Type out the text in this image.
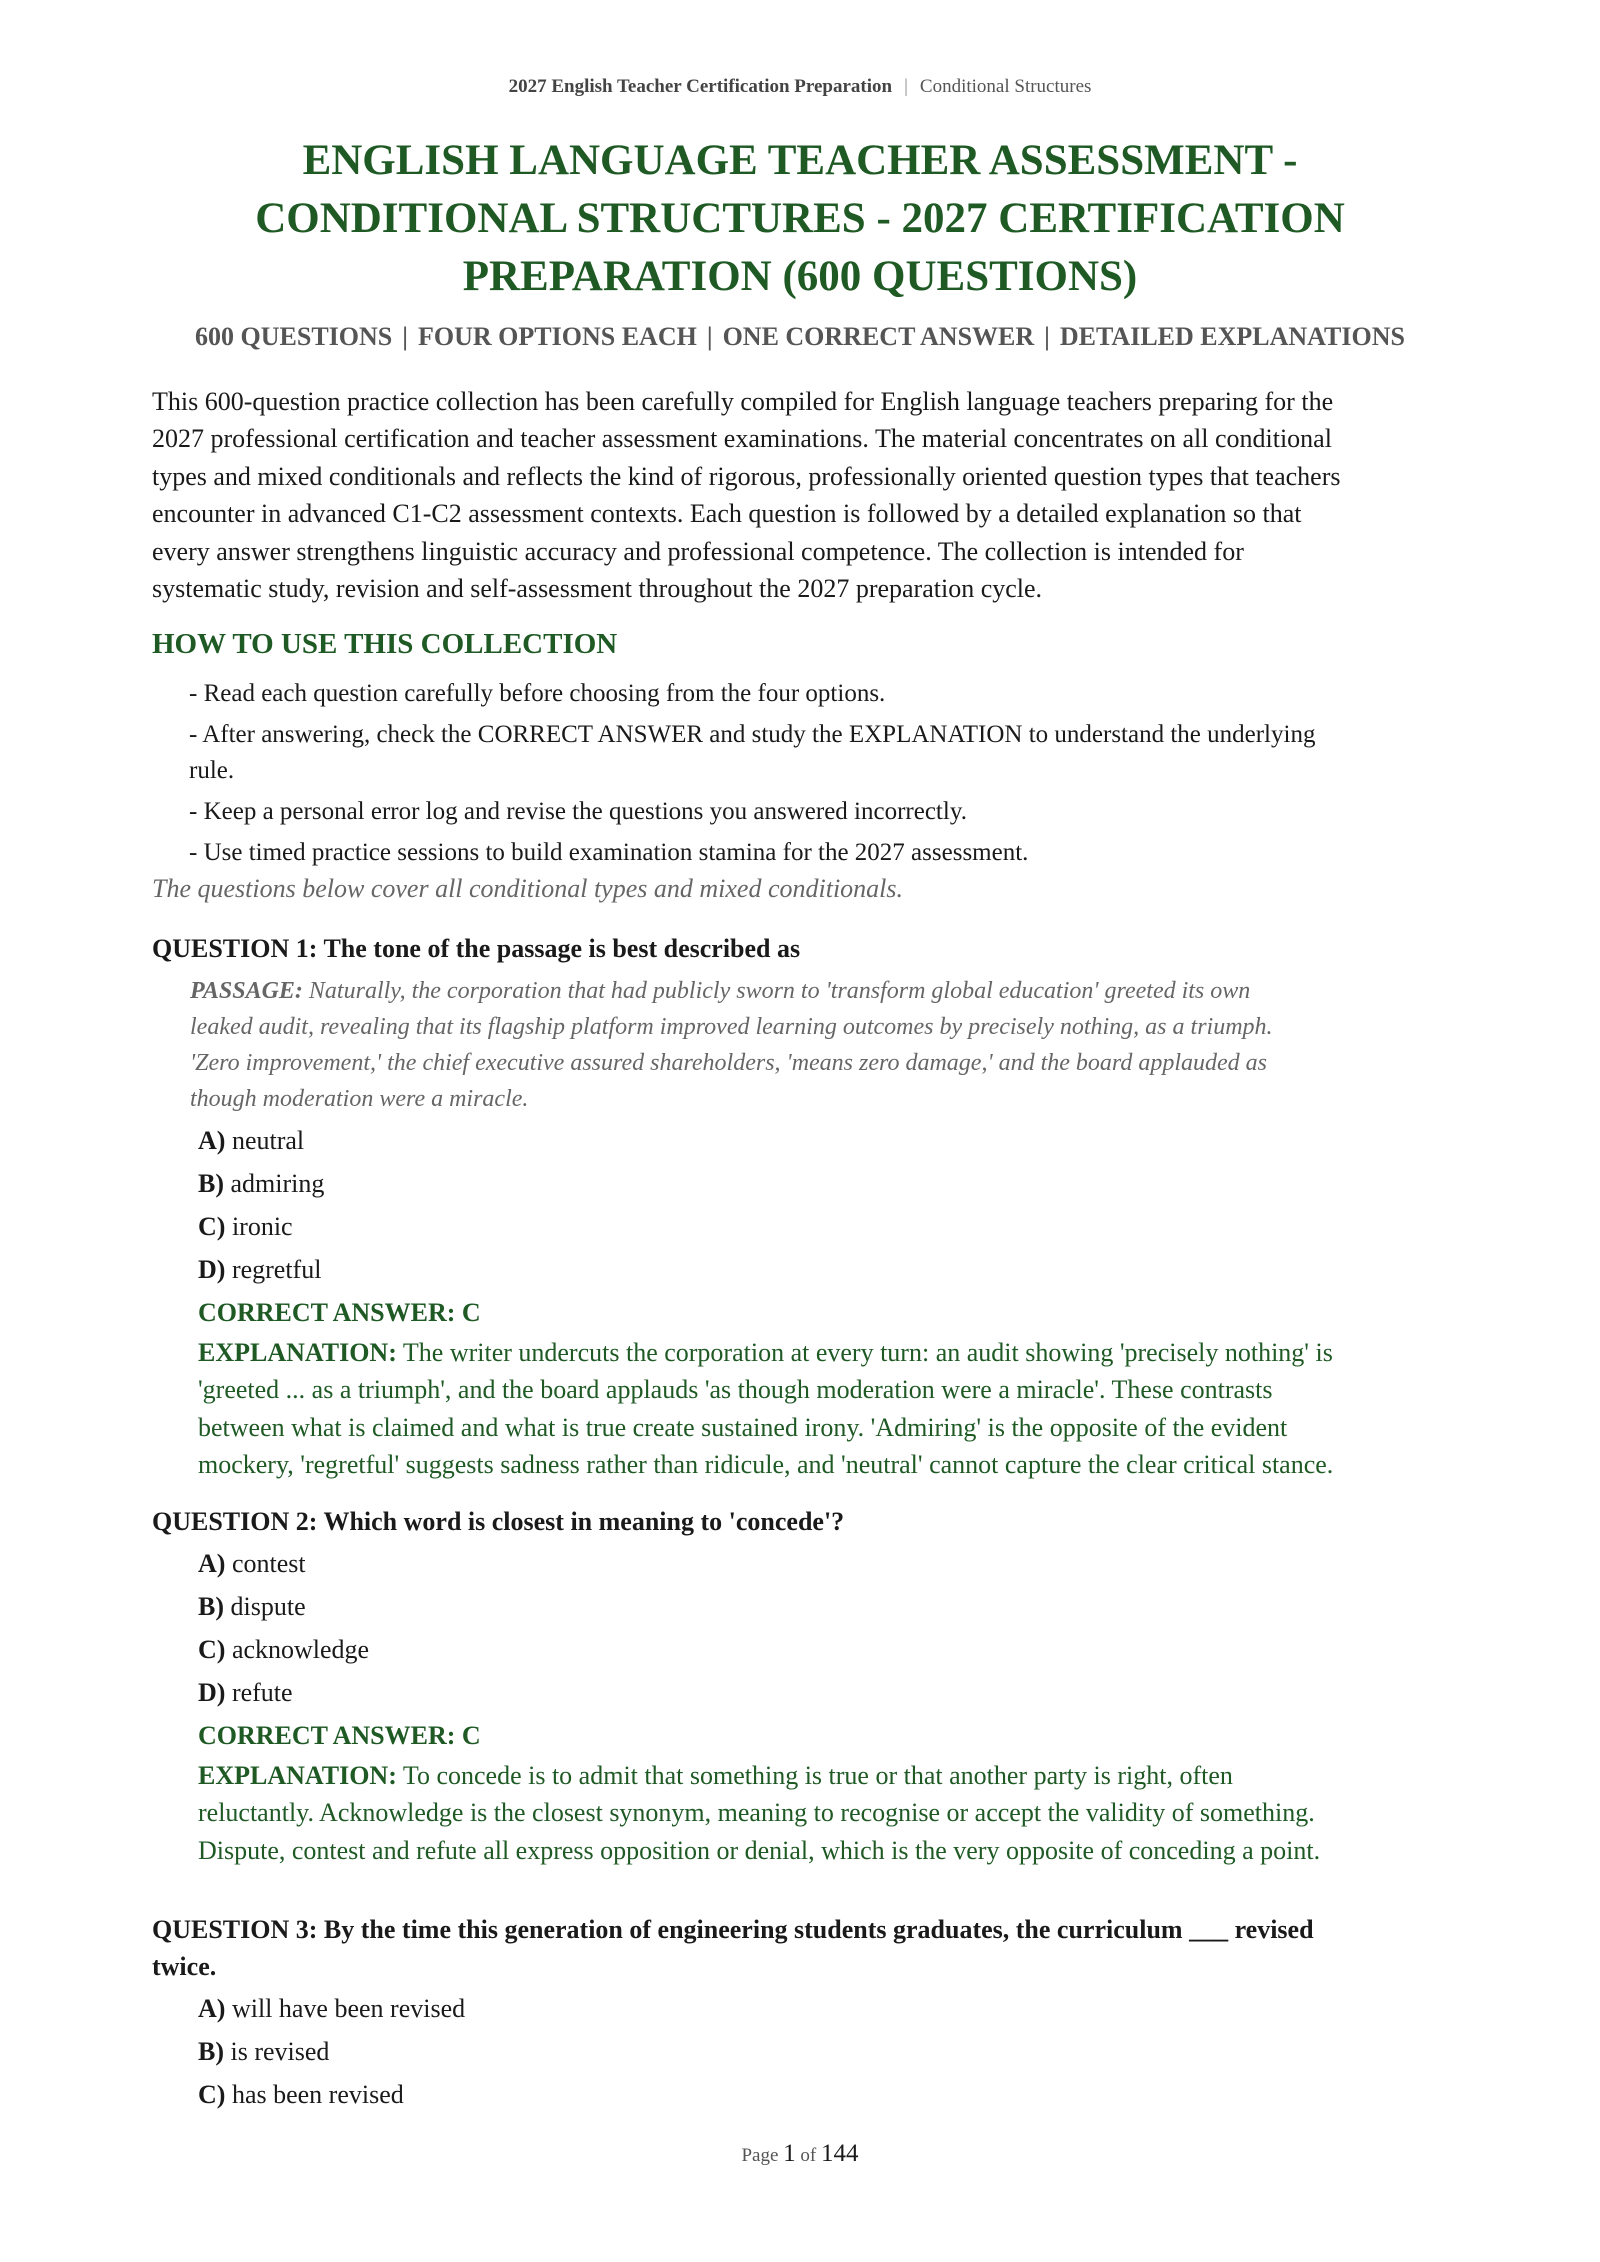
2027 English Teacher Certification Preparation | Conditional Structures
ENGLISH LANGUAGE TEACHER ASSESSMENT -
CONDITIONAL STRUCTURES - 2027 CERTIFICATION
PREPARATION (600 QUESTIONS)
600 QUESTIONS | FOUR OPTIONS EACH | ONE CORRECT ANSWER | DETAILED EXPLANATIONS
This 600-question practice collection has been carefully compiled for English language teachers preparing for the
2027 professional certification and teacher assessment examinations. The material concentrates on all conditional
types and mixed conditionals and reflects the kind of rigorous, professionally oriented question types that teachers
encounter in advanced C1-C2 assessment contexts. Each question is followed by a detailed explanation so that
every answer strengthens linguistic accuracy and professional competence. The collection is intended for
systematic study, revision and self-assessment throughout the 2027 preparation cycle.
HOW TO USE THIS COLLECTION
- Read each question carefully before choosing from the four options.
- After answering, check the CORRECT ANSWER and study the EXPLANATION to understand the underlying
rule.
- Keep a personal error log and revise the questions you answered incorrectly.
- Use timed practice sessions to build examination stamina for the 2027 assessment.
The questions below cover all conditional types and mixed conditionals.
QUESTION 1: The tone of the passage is best described as
PASSAGE: Naturally, the corporation that had publicly sworn to 'transform global education' greeted its own
leaked audit, revealing that its flagship platform improved learning outcomes by precisely nothing, as a triumph.
'Zero improvement,' the chief executive assured shareholders, 'means zero damage,' and the board applauded as
though moderation were a miracle.
A) neutral
B) admiring
C) ironic
D) regretful
CORRECT ANSWER: C
EXPLANATION: The writer undercuts the corporation at every turn: an audit showing 'precisely nothing' is
'greeted ... as a triumph', and the board applauds 'as though moderation were a miracle'. These contrasts
between what is claimed and what is true create sustained irony. 'Admiring' is the opposite of the evident
mockery, 'regretful' suggests sadness rather than ridicule, and 'neutral' cannot capture the clear critical stance.
QUESTION 2: Which word is closest in meaning to 'concede'?
A) contest
B) dispute
C) acknowledge
D) refute
CORRECT ANSWER: C
EXPLANATION: To concede is to admit that something is true or that another party is right, often
reluctantly. Acknowledge is the closest synonym, meaning to recognise or accept the validity of something.
Dispute, contest and refute all express opposition or denial, which is the very opposite of conceding a point.
QUESTION 3: By the time this generation of engineering students graduates, the curriculum ___ revised
twice.
A) will have been revised
B) is revised
C) has been revised
Page 1 of 144
